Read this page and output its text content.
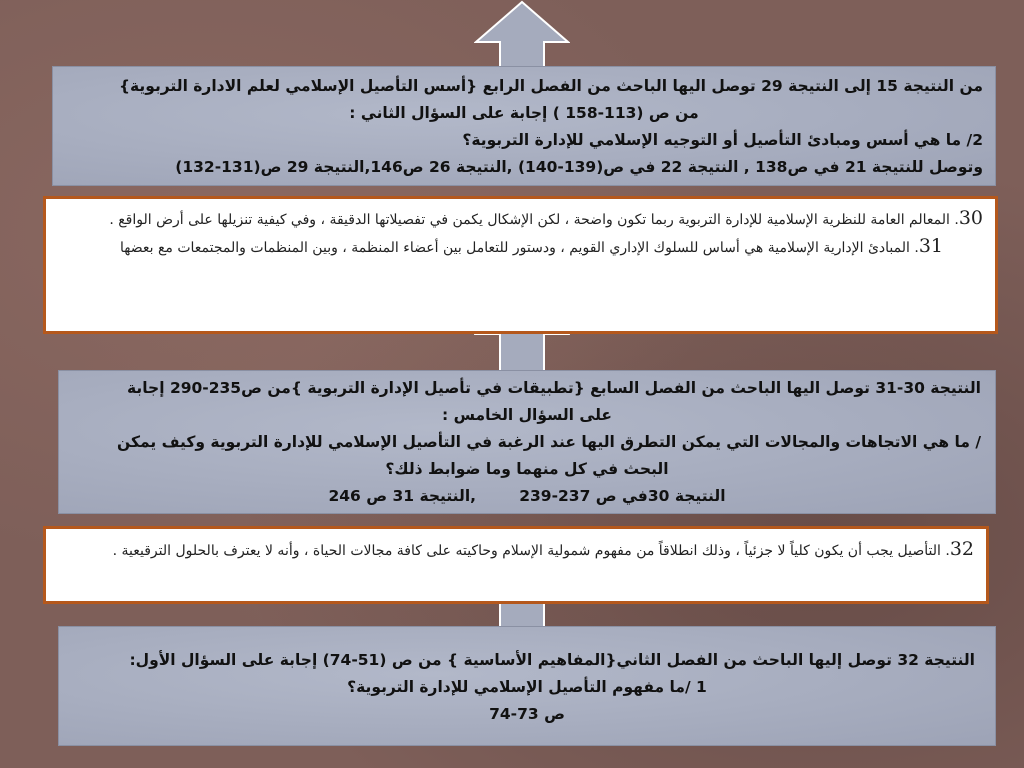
من النتيجة 15 إلى النتيجة 29 توصل اليها الباحث من الفصل الرابع {أسس التأصيل الإسلامي لعلم الادارة التربوية}
من ص (113-158 ) إجابة على السؤال الثاني :
2/ ما هي أسس ومبادئ التأصيل أو التوجيه الإسلامي للإدارة التربوية؟
وتوصل للنتيجة 21 في ص138 , النتيجة 22 في ص(139-140) ,النتيجة 26 ص146,النتيجة 29 ص(131-132)
30. المعالم العامة للنظرية الإسلامية للإدارة التربوية ربما تكون واضحة ، لكن الإشكال يكمن في تفصيلاتها الدقيقة ، وفي كيفية تنزيلها على أرض الواقع .
31. المبادئ الإدارية الإسلامية هي أساس للسلوك الإداري القويم ، ودستور للتعامل بين أعضاء المنظمة ، وبين المنظمات والمجتمعات مع بعضها
النتيجة 30-31 توصل اليها الباحث من الفصل السابع {تطبيقات في تأصيل الإدارة التربوية }من ص235-290 إجابة
على السؤال الخامس :
/ ما هي الاتجاهات والمجالات التي يمكن التطرق اليها عند الرغبة في التأصيل الإسلامي للإدارة التربوية وكيف يمكن
البحث في كل منهما وما ضوابط ذلك؟
النتيجة 30في ص 237-239        ,النتيجة 31 ص 246
32. التأصيل يجب أن يكون كلياً لا جزئياً ، وذلك انطلاقاً من مفهوم شمولية الإسلام وحاكيته على كافة مجالات الحياة ، وأنه لا يعترف بالحلول الترقيعية .
النتيجة 32 توصل إليها الباحث من الفصل الثاني{المفاهيم الأساسية } من ص (51-74) إجابة على السؤال الأول:
1 /ما مفهوم التأصيل الإسلامي للإدارة التربوية؟
ص 73-74
